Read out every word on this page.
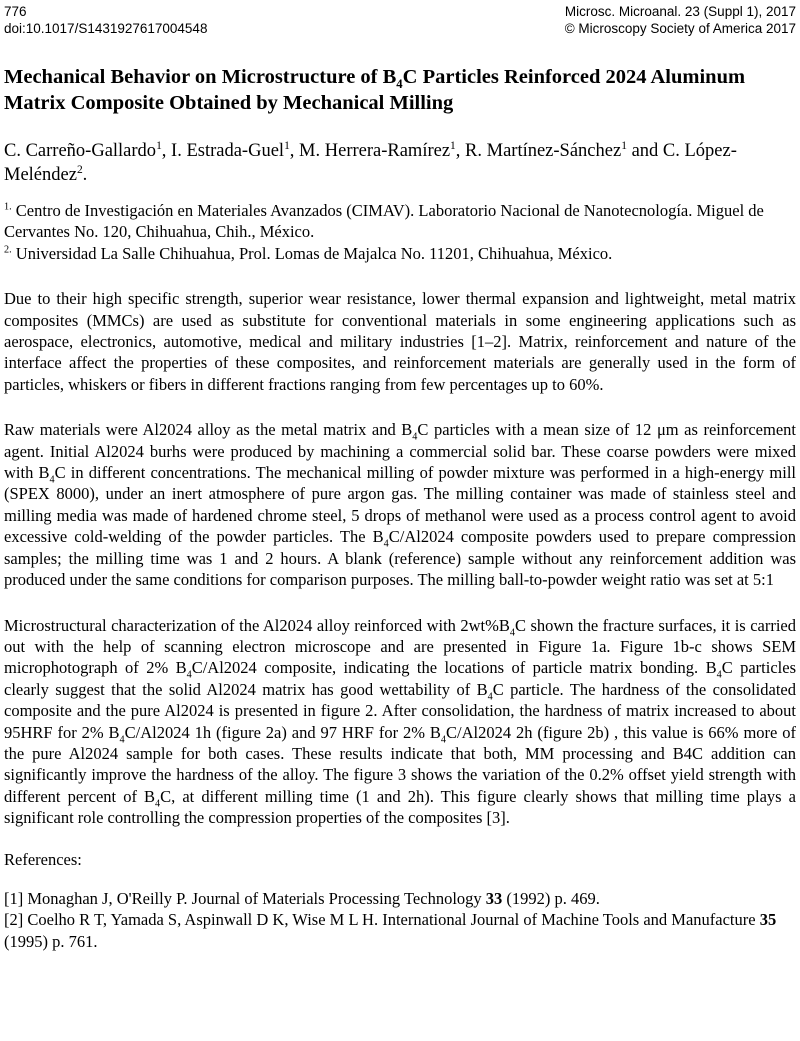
776
doi:10.1017/S1431927617004548
Microsc. Microanal. 23 (Suppl 1), 2017
© Microscopy Society of America 2017
Mechanical Behavior on Microstructure of $B_4C$ Particles Reinforced 2024 Aluminum Matrix Composite Obtained by Mechanical Milling
C. Carreño-Gallardo$^1$, I. Estrada-Guel$^1$, M. Herrera-Ramírez$^1$, R. Martínez-Sánchez$^1$ and C. López-Meléndez$^2$.
$^{1.}$ Centro de Investigación en Materiales Avanzados (CIMAV). Laboratorio Nacional de Nanotecnología. Miguel de Cervantes No. 120, Chihuahua, Chih., México.
$^{2.}$ Universidad La Salle Chihuahua, Prol. Lomas de Majalca No. 11201, Chihuahua, México.

Due to their high specific strength, superior wear resistance, lower thermal expansion and lightweight, metal matrix composites (MMCs) are used as substitute for conventional materials in some engineering applications such as aerospace, electronics, automotive, medical and military industries [1–2]. Matrix, reinforcement and nature of the interface affect the properties of these composites, and reinforcement materials are generally used in the form of particles, whiskers or fibers in different fractions ranging from few percentages up to 60%.

Raw materials were Al2024 alloy as the metal matrix and $B_4C$ particles with a mean size of 12 μm as reinforcement agent. Initial Al2024 burhs were produced by machining a commercial solid bar. These coarse powders were mixed with $B_4C$ in different concentrations. The mechanical milling of powder mixture was performed in a high-energy mill (SPEX 8000), under an inert atmosphere of pure argon gas. The milling container was made of stainless steel and milling media was made of hardened chrome steel, 5 drops of methanol were used as a process control agent to avoid excessive cold-welding of the powder particles. The $B_4C/Al2024$ composite powders used to prepare compression samples; the milling time was 1 and 2 hours. A blank (reference) sample without any reinforcement addition was produced under the same conditions for comparison purposes. The milling ball-to-powder weight ratio was set at 5:1

Microstructural characterization of the Al2024 alloy reinforced with $2wt\%B_4C$ shown the fracture surfaces, it is carried out with the help of scanning electron microscope and are presented in Figure 1a. Figure 1b-c shows SEM microphotograph of 2% $B_4C/Al2024$ composite, indicating the locations of particle matrix bonding. $B_4C$ particles clearly suggest that the solid Al2024 matrix has good wettability of $B_4C$ particle. The hardness of the consolidated composite and the pure Al2024 is presented in figure 2. After consolidation, the hardness of matrix increased to about 95HRF for 2% $B_4C/Al2024$ 1h (figure 2a) and 97 HRF for 2% $B_4C/Al2024$ 2h (figure 2b) , this value is 66% more of the pure Al2024 sample for both cases. These results indicate that both, MM processing and B4C addition can significantly improve the hardness of the alloy. The figure 3 shows the variation of the 0.2% offset yield strength with different percent of $B_4C$, at different milling time (1 and 2h). This figure clearly shows that milling time plays a significant role controlling the compression properties of the composites [3].

References:
[1] Monaghan J, O'Reilly P. Journal of Materials Processing Technology 33 (1992) p. 469.
[2] Coelho R T, Yamada S, Aspinwall D K, Wise M L H. International Journal of Machine Tools and Manufacture 35 (1995) p. 761.
